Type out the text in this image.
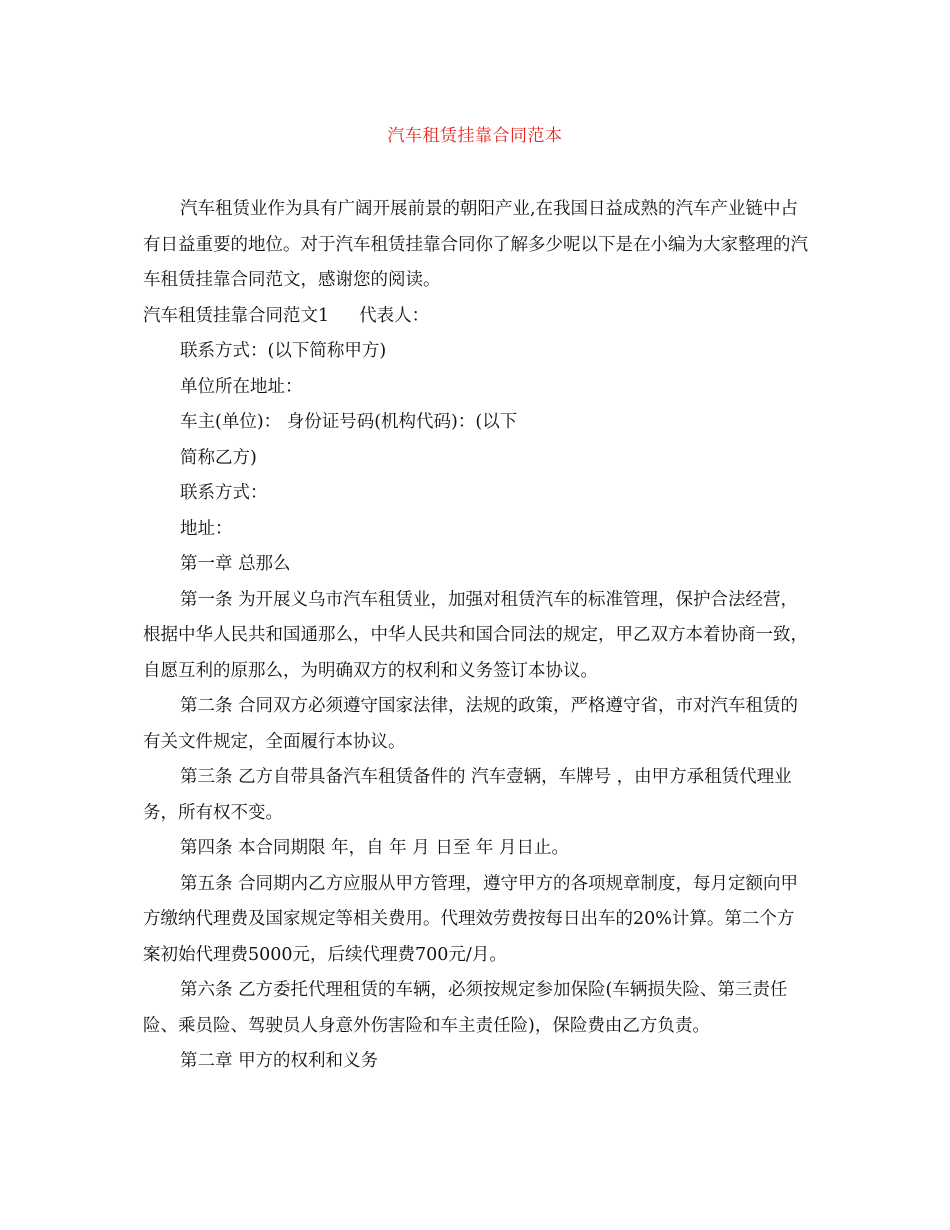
汽车租赁挂靠合同范本

汽车租赁业作为具有广阔开展前景的朝阳产业,在我国日益成熟的汽车产业链中占有日益重要的地位。对于汽车租赁挂靠合同你了解多少呢以下是在小编为大家整理的汽车租赁挂靠合同范文，感谢您的阅读。

汽车租赁挂靠合同范文1 代表人：

联系方式：(以下简称甲方)

单位所在地址：

车主(单位)： 身份证号码(机构代码)：(以下

简称乙方)

联系方式：

地址：

第一章 总那么

第一条 为开展义乌市汽车租赁业，加强对租赁汽车的标准管理，保护合法经营，根据中华人民共和国通那么，中华人民共和国合同法的规定，甲乙双方本着协商一致，自愿互利的原那么，为明确双方的权利和义务签订本协议。

第二条 合同双方必须遵守国家法律，法规的政策，严格遵守省，市对汽车租赁的有关文件规定，全面履行本协议。

第三条 乙方自带具备汽车租赁备件的 汽车壹辆，车牌号 ，由甲方承租赁代理业务，所有权不变。

第四条 本合同期限 年，自 年 月 日至 年 月日止。

第五条 合同期内乙方应服从甲方管理，遵守甲方的各项规章制度，每月定额向甲方缴纳代理费及国家规定等相关费用。代理效劳费按每日出车的20%计算。第二个方案初始代理费5000元，后续代理费700元/月。

第六条 乙方委托代理租赁的车辆，必须按规定参加保险(车辆损失险、第三责任险、乘员险、驾驶员人身意外伤害险和车主责任险)，保险费由乙方负责。

第二章 甲方的权利和义务
